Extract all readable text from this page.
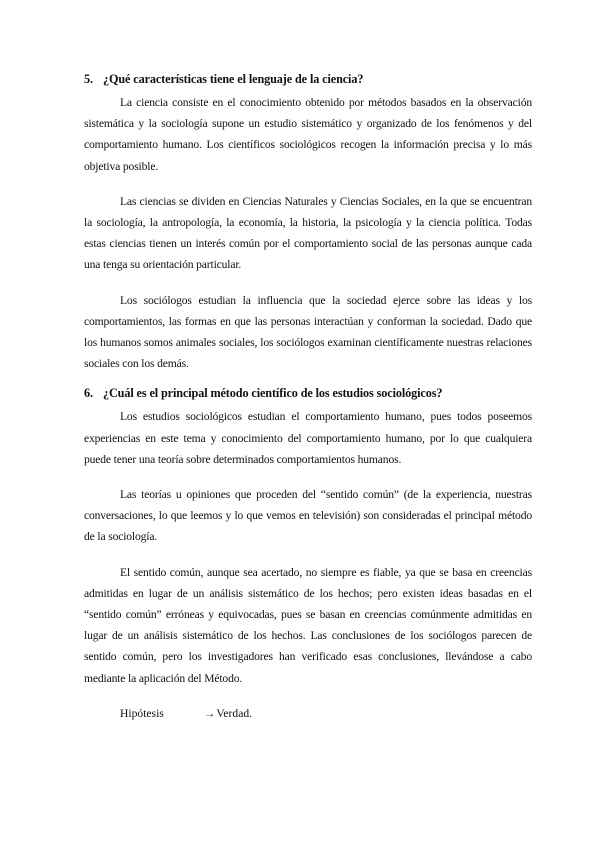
5. ¿Qué características tiene el lenguaje de la ciencia?

La ciencia consiste en el conocimiento obtenido por métodos basados en la observación sistemática y la sociología supone un estudio sistemático y organizado de los fenómenos y del comportamiento humano. Los científicos sociológicos recogen la información precisa y lo más objetiva posible.

Las ciencias se dividen en Ciencias Naturales y Ciencias Sociales, en la que se encuentran la sociología, la antropología, la economía, la historia, la psicología y la ciencia política. Todas estas ciencias tienen un interés común por el comportamiento social de las personas aunque cada una tenga su orientación particular.

Los sociólogos estudian la influencia que la sociedad ejerce sobre las ideas y los comportamientos, las formas en que las personas interactúan y conforman la sociedad. Dado que los humanos somos animales sociales, los sociólogos examinan científicamente nuestras relaciones sociales con los demás.

6. ¿Cuál es el principal método científico de los estudios sociológicos?

Los estudios sociológicos estudian el comportamiento humano, pues todos poseemos experiencias en este tema y conocimiento del comportamiento humano, por lo que cualquiera puede tener una teoría sobre determinados comportamientos humanos.

Las teorías u opiniones que proceden del “sentido común” (de la experiencia, nuestras conversaciones, lo que leemos y lo que vemos en televisión) son consideradas el principal método de la sociología.

El sentido común, aunque sea acertado, no siempre es fiable, ya que se basa en creencias admitidas en lugar de un análisis sistemático de los hechos; pero existen ideas basadas en el “sentido común” erróneas y equivocadas, pues se basan en creencias comúnmente admitidas en lugar de un análisis sistemático de los hechos. Las conclusiones de los sociólogos parecen de sentido común, pero los investigadores han verificado esas conclusiones, llevándose a cabo mediante la aplicación del Método.

Hipótesis	→Verdad.
